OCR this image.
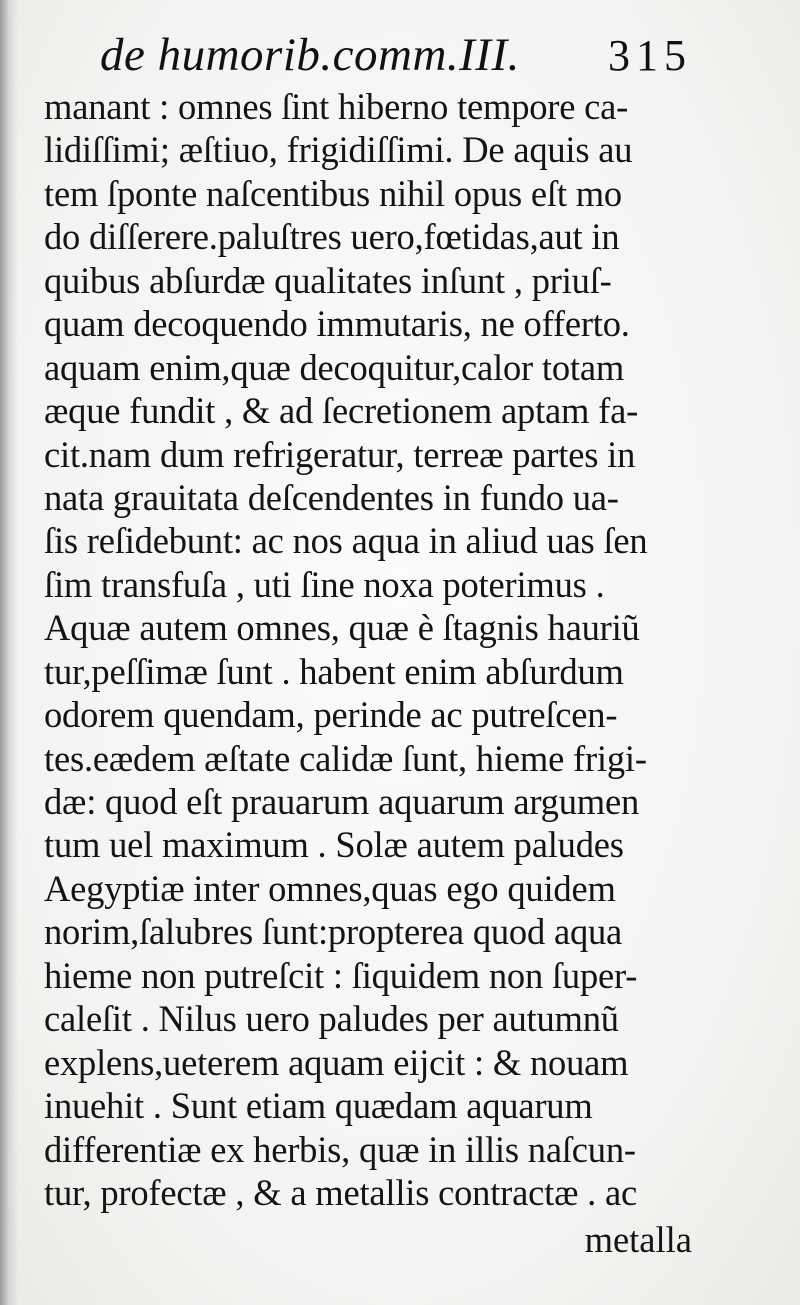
de humorib.comm.III. 315
manant : omnes ſint hiberno tempore ca-
lidiſſimi; æſtiuo, frigidiſſimi. De aquis au
tem ſponte naſcentibus nihil opus eſt mo
do diſſerere.paluſtres uero,fœtidas,aut in
quibus abſurdæ qualitates inſunt , priuſ-
quam decoquendo immutaris, ne offerto.
aquam enim,quæ decoquitur,calor totam
æque fundit , & ad ſecretionem aptam fa-
cit.nam dum refrigeratur, terreæ partes in
nata grauitata deſcendentes in fundo ua-
ſis reſidebunt: ac nos aqua in aliud uas ſen
ſim transfuſa , uti ſine noxa poterimus .
Aquæ autem omnes, quæ è ſtagnis hauriũ
tur,peſſimæ ſunt . habent enim abſurdum
odorem quendam, perinde ac putreſcen-
tes.eædem æſtate calidæ ſunt, hieme frigi-
dæ: quod eſt prauarum aquarum argumen
tum uel maximum . Solæ autem paludes
Aegyptiæ inter omnes,quas ego quidem
norim,ſalubres ſunt:propterea quod aqua
hieme non putreſcit : ſiquidem non ſuper-
caleſit . Nilus uero paludes per autumnũ
explens,ueterem aquam eijcit : & nouam
inuehit . Sunt etiam quædam aquarum
differentiæ ex herbis, quæ in illis naſcun-
tur, profectæ , & a metallis contractæ . ac
metalla
